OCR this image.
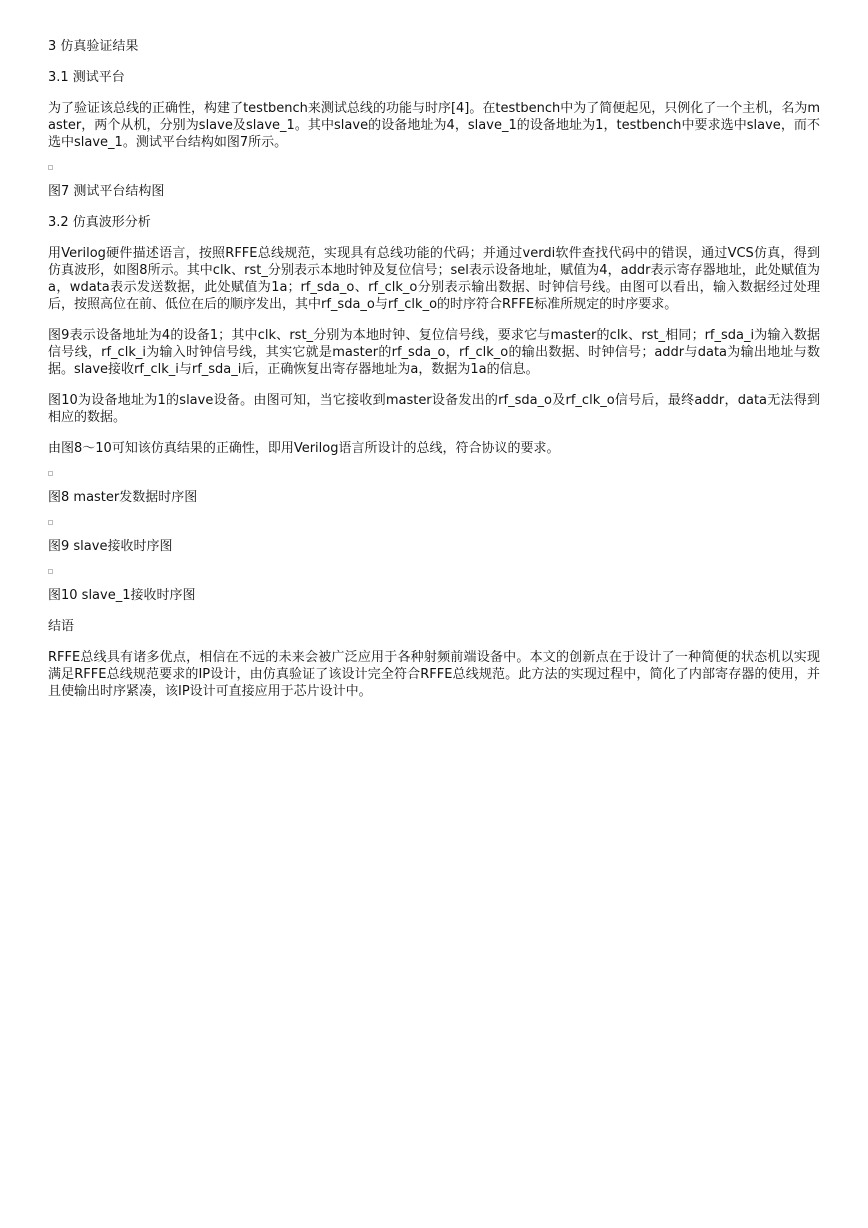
3 仿真验证结果
3.1 测试平台
为了验证该总线的正确性，构建了testbench来测试总线的功能与时序[4]。在testbench中为了简便起见，只例化了一个主机，名为master，两个从机，分别为slave及slave_1。其中slave的设备地址为4，slave_1的设备地址为1，testbench中要求选中slave，而不选中slave_1。测试平台结构如图7所示。
图7 测试平台结构图
3.2 仿真波形分析
用Verilog硬件描述语言，按照RFFE总线规范，实现具有总线功能的代码；并通过verdi软件查找代码中的错误，通过VCS仿真，得到仿真波形，如图8所示。其中clk、rst_分别表示本地时钟及复位信号；sel表示设备地址，赋值为4，addr表示寄存器地址，此处赋值为a，wdata表示发送数据，此处赋值为1a；rf_sda_o、rf_clk_o分别表示输出数据、时钟信号线。由图可以看出，输入数据经过处理后，按照高位在前、低位在后的顺序发出，其中rf_sda_o与rf_clk_o的时序符合RFFE标准所规定的时序要求。
图9表示设备地址为4的设备1；其中clk、rst_分别为本地时钟、复位信号线，要求它与master的clk、rst_相同；rf_sda_i为输入数据信号线，rf_clk_i为输入时钟信号线，其实它就是master的rf_sda_o，rf_clk_o的输出数据、时钟信号；addr与data为输出地址与数据。slave接收rf_clk_i与rf_sda_i后，正确恢复出寄存器地址为a，数据为1a的信息。
图10为设备地址为1的slave设备。由图可知，当它接收到master设备发出的rf_sda_o及rf_clk_o信号后，最终addr，data无法得到相应的数据。
由图8～10可知该仿真结果的正确性，即用Verilog语言所设计的总线，符合协议的要求。
图8 master发数据时序图
图9 slave接收时序图
图10 slave_1接收时序图
结语
RFFE总线具有诸多优点，相信在不远的未来会被广泛应用于各种射频前端设备中。本文的创新点在于设计了一种简便的状态机以实现满足RFFE总线规范要求的IP设计，由仿真验证了该设计完全符合RFFE总线规范。此方法的实现过程中，简化了内部寄存器的使用，并且使输出时序紧凑，该IP设计可直接应用于芯片设计中。
